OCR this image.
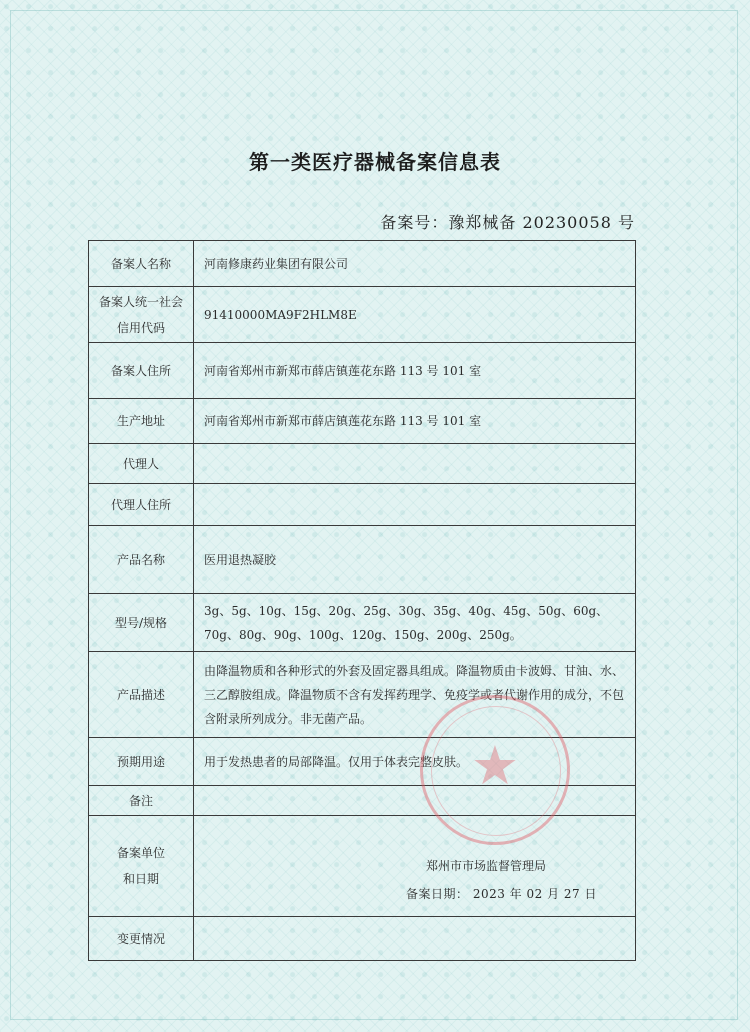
第一类医疗器械备案信息表
备案号：豫郑械备 20230058 号
备案人名称	河南修康药业集团有限公司

备案人统一社会
信用代码	91410000MA9F2HLM8E
备案人住所	河南省郑州市新郑市薛店镇莲花东路 113 号 101 室
生产地址	河南省郑州市新郑市薛店镇莲花东路 113 号 101 室
代理人	
代理人住所	
产品名称	医用退热凝胶
型号/规格	3g、5g、10g、15g、20g、25g、30g、35g、40g、45g、50g、60g、70g、80g、90g、100g、120g、150g、200g、250g。
产品描述	由降温物质和各种形式的外套及固定器具组成。降温物质由卡波姆、甘油、水、三乙醇胺组成。降温物质不含有发挥药理学、免疫学或者代谢作用的成分，不包含附录所列成分。非无菌产品。
预期用途	用于发热患者的局部降温。仅用于体表完整皮肤。
备注	

备案单位
和日期	郑州市市场监督管理局
备案日期： 2023 年 02 月 27 日

变更情况	
★
